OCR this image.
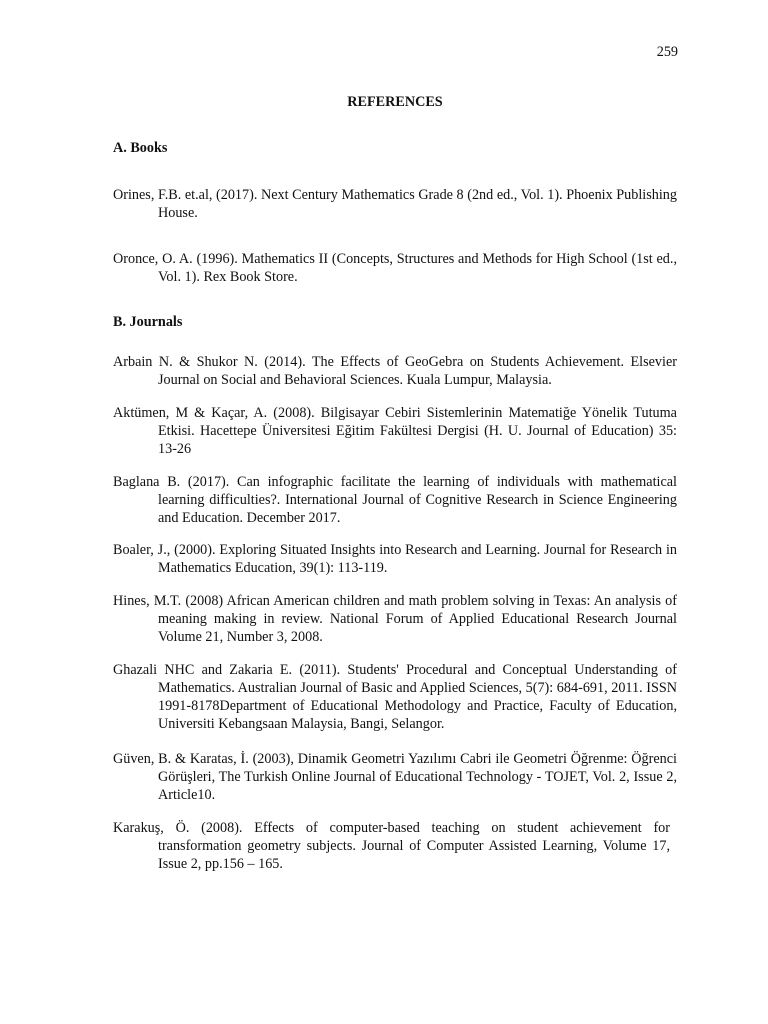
259
REFERENCES
A. Books
Orines, F.B. et.al, (2017). Next Century Mathematics Grade 8 (2nd ed., Vol. 1). Phoenix Publishing House.
Oronce, O. A. (1996). Mathematics II (Concepts, Structures and Methods for High School (1st ed., Vol. 1). Rex Book Store.
B. Journals
Arbain N. & Shukor N. (2014). The Effects of GeoGebra on Students Achievement. Elsevier Journal on Social and Behavioral Sciences. Kuala Lumpur, Malaysia.
Aktümen, M & Kaçar, A. (2008). Bilgisayar Cebiri Sistemlerinin Matematiğe Yönelik Tutuma Etkisi. Hacettepe Üniversitesi Eğitim Fakültesi Dergisi (H. U. Journal of Education) 35: 13-26
Baglana B. (2017). Can infographic facilitate the learning of individuals with mathematical learning difficulties?. International Journal of Cognitive Research in Science Engineering and Education. December 2017.
Boaler, J., (2000). Exploring Situated Insights into Research and Learning. Journal for Research in Mathematics Education, 39(1): 113-119.
Hines, M.T. (2008) African American children and math problem solving in Texas: An analysis of meaning making in review. National Forum of Applied Educational Research Journal Volume 21, Number 3, 2008.
Ghazali NHC and Zakaria E. (2011). Students' Procedural and Conceptual Understanding of Mathematics. Australian Journal of Basic and Applied Sciences, 5(7): 684-691, 2011. ISSN 1991-8178Department of Educational Methodology and Practice, Faculty of Education, Universiti Kebangsaan Malaysia, Bangi, Selangor.
Güven, B. & Karatas, İ. (2003), Dinamik Geometri Yazılımı Cabri ile Geometri Öğrenme: Öğrenci Görüşleri, The Turkish Online Journal of Educational Technology - TOJET, Vol. 2, Issue 2, Article10.
Karakuş, Ö. (2008). Effects of computer-based teaching on student achievement for transformation geometry subjects. Journal of Computer Assisted Learning, Volume 17, Issue 2, pp.156 – 165.
